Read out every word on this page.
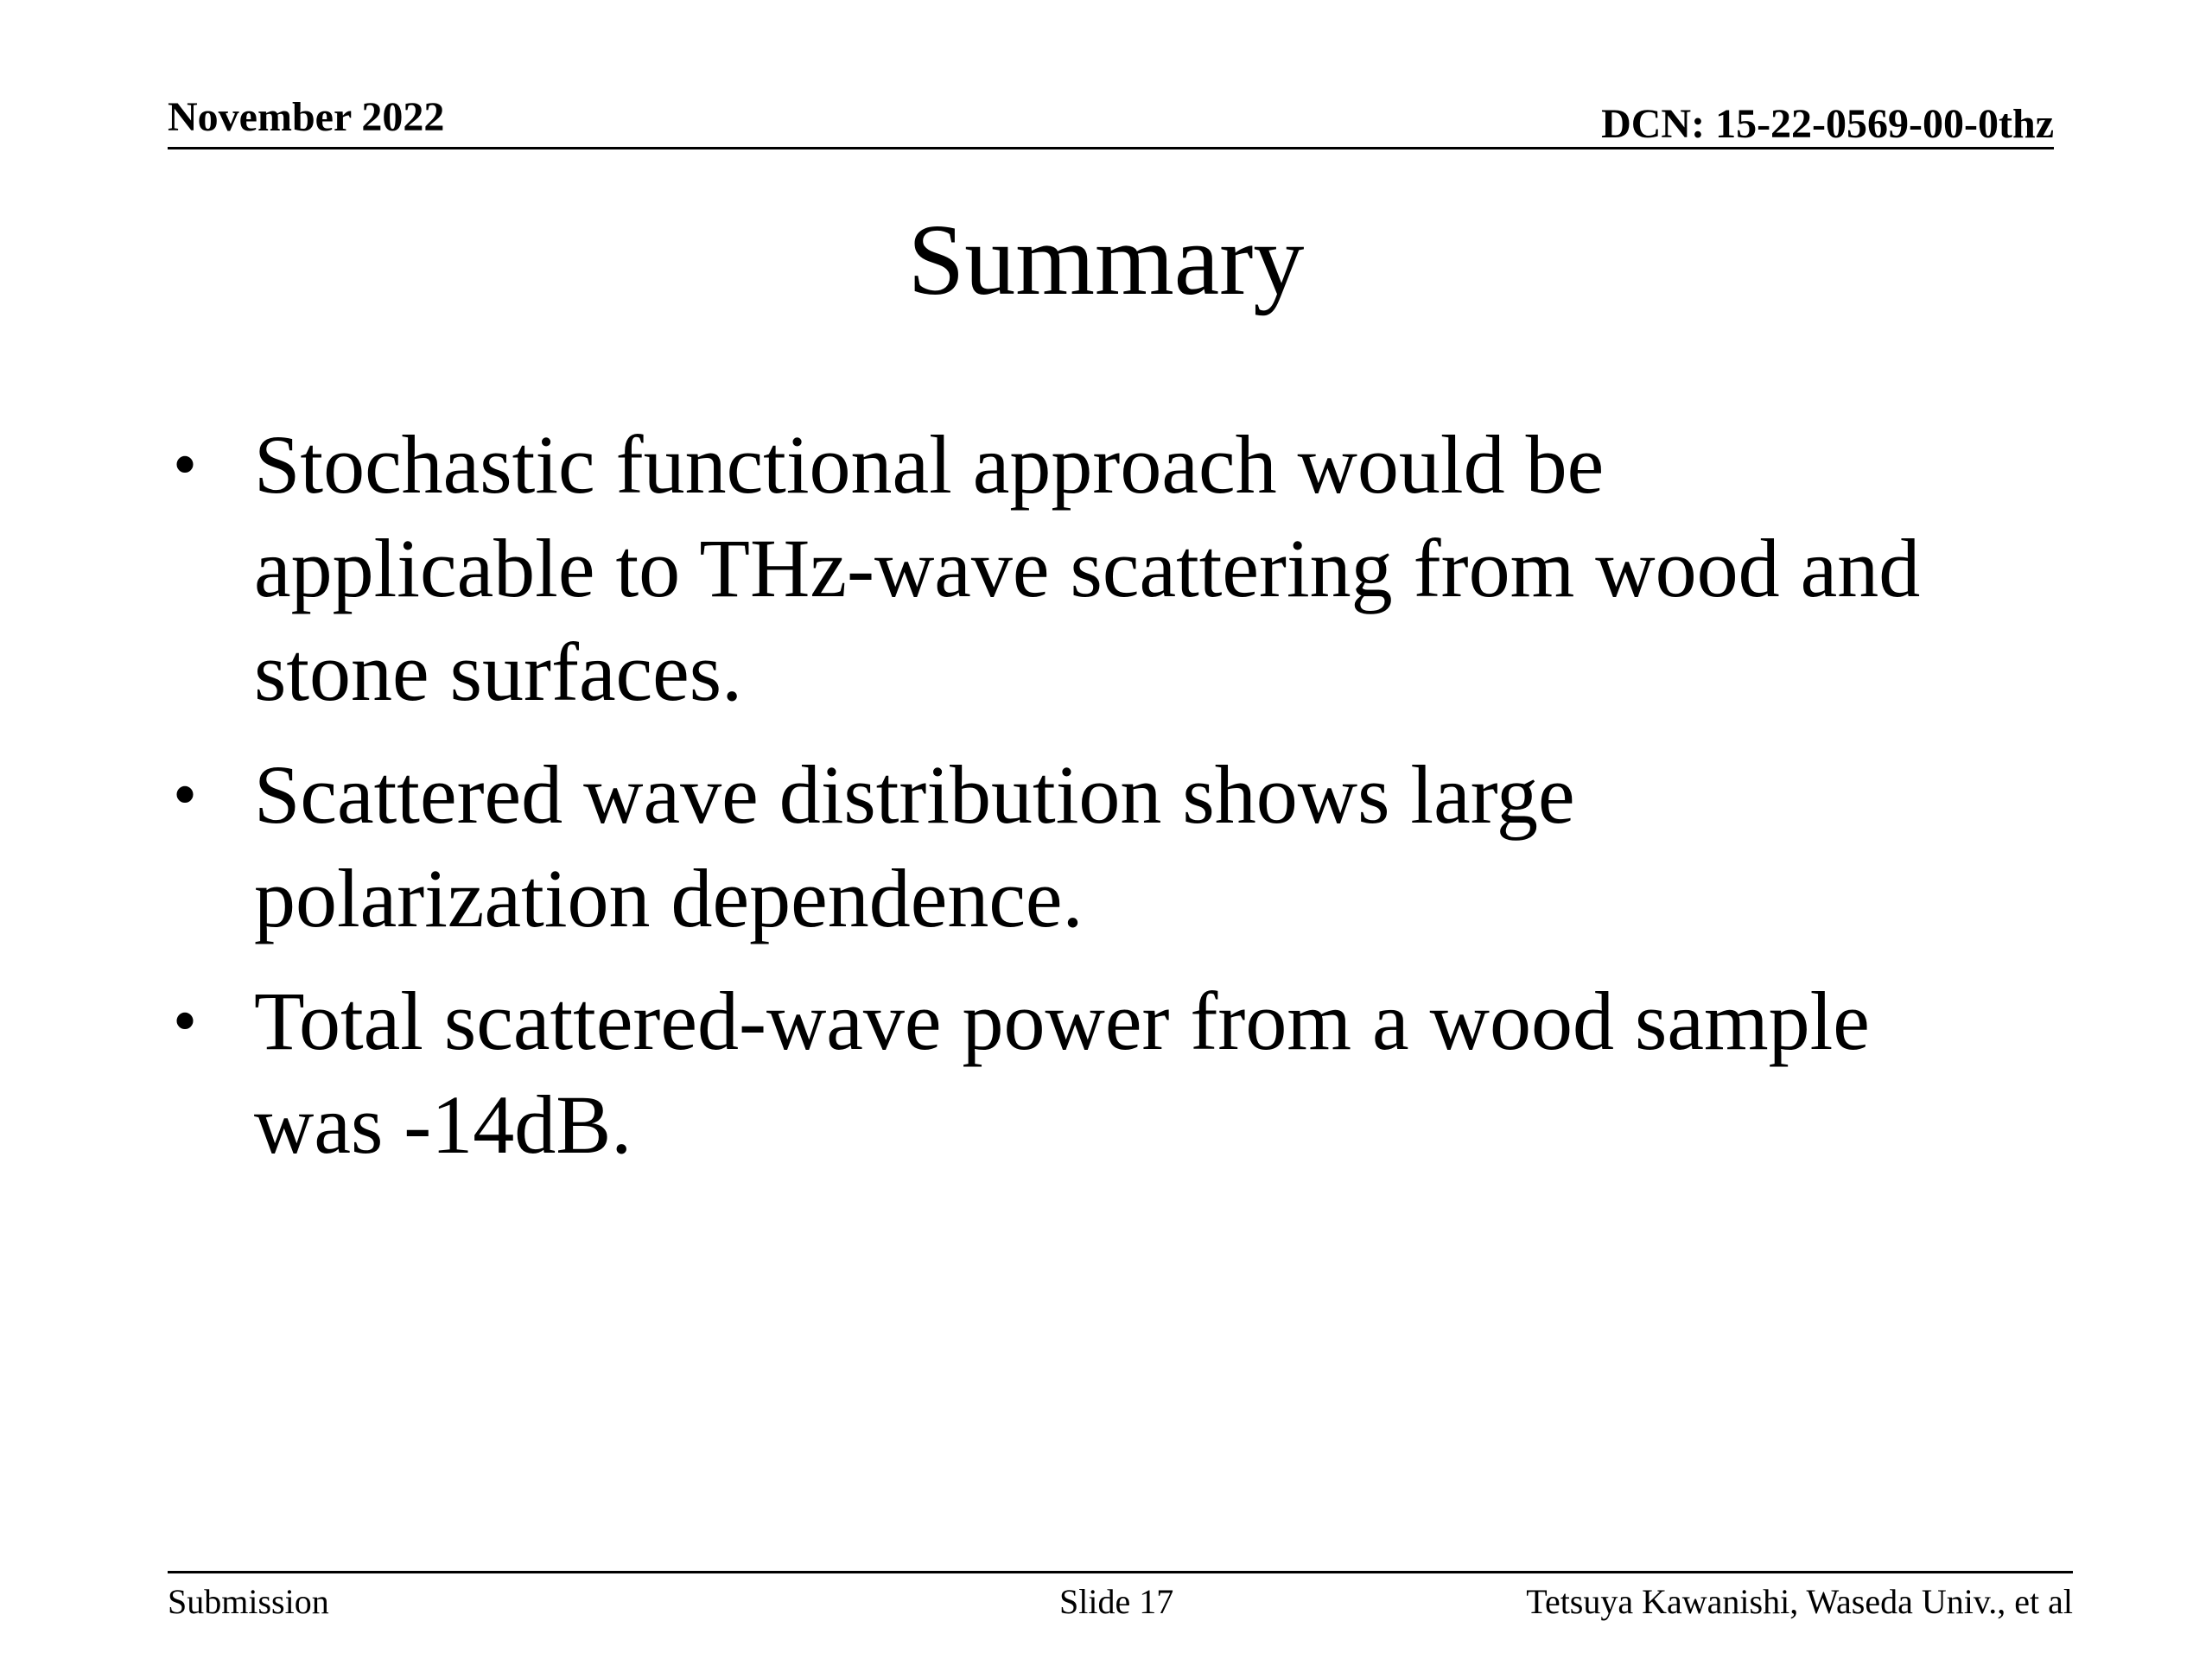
November 2022	DCN: 15-22-0569-00-0thz
Summary
• Stochastic functional approach would be
applicable to THz-wave scattering from wood and
stone surfaces.
• Scattered wave distribution shows large
polarization dependence.
• Total scattered-wave power from a wood sample
was -14dB.
Submission	Slide 17	Tetsuya Kawanishi, Waseda Univ., et al
